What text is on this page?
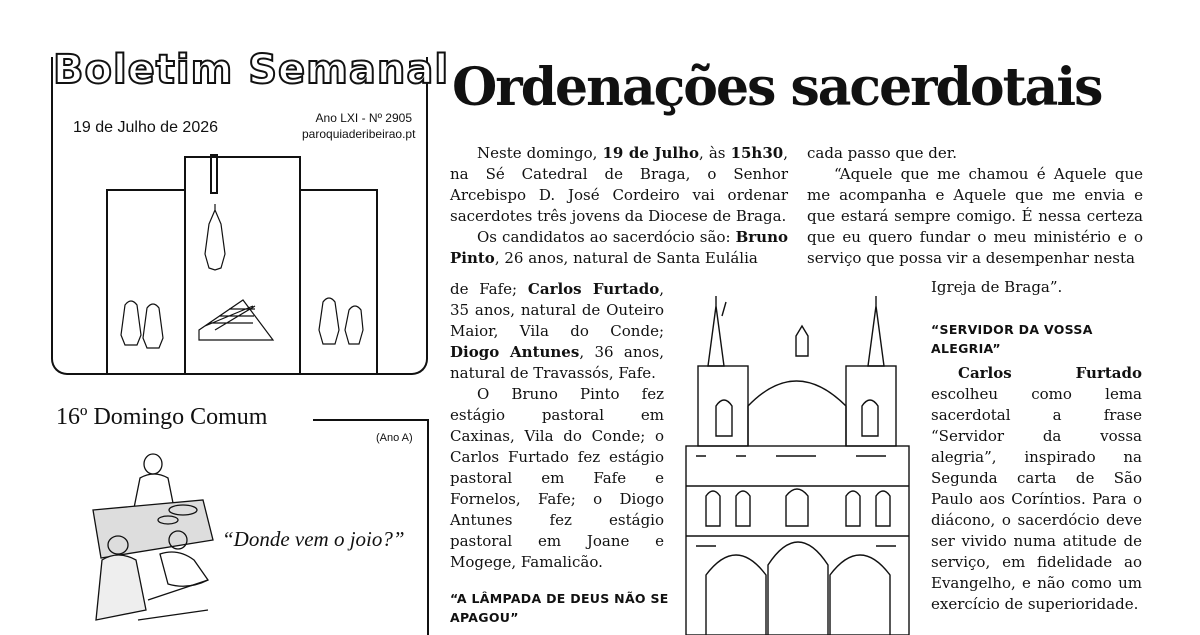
Boletim Semanal
19 de Julho de 2026
Ano LXI - Nº 2905
paroquiaderibeirao.pt
16º Domingo Comum
(Ano A)
“Donde vem o joio?”
Ordenações sacerdotais

Neste domingo, 19 de Julho, às 15h30, na Sé Catedral de Braga, o Senhor Arcebispo D. José Cordeiro vai ordenar sacerdotes três jovens da Diocese de Braga.

Os candidatos ao sacerdócio são: Bruno Pinto, 26 anos, natural de Santa Eulália

de Fafe; Carlos Furtado, 35 anos, natural de Outeiro Maior, Vila do Conde; Diogo Antunes, 36 anos, natural de Travassós, Fafe.

O Bruno Pinto fez estágio pastoral em Caxinas, Vila do Conde; o Carlos Furtado fez estágio pastoral em Fafe e Fornelos, Fafe; o Diogo Antunes fez estágio pastoral em Joane e Mogege, Famalicão.

“A LÂMPADA DE DEUS NÃO SE APAGOU”

cada passo que der.

“Aquele que me chamou é Aquele que me acompanha e Aquele que me envia e que estará sempre comigo. É nessa certeza que eu quero fundar o meu ministério e o serviço que possa vir a desempenhar nesta

Igreja de Braga”.
“SERVIDOR DA VOSSA ALEGRIA”

Carlos Furtado escolheu como lema sacerdotal a frase “Servidor da vossa alegria”, inspirado na Segunda carta de São Paulo aos Coríntios. Para o diácono, o sacerdócio deve ser vivido numa atitude de serviço, em fidelidade ao Evangelho, e não como um exercício de superioridade.
